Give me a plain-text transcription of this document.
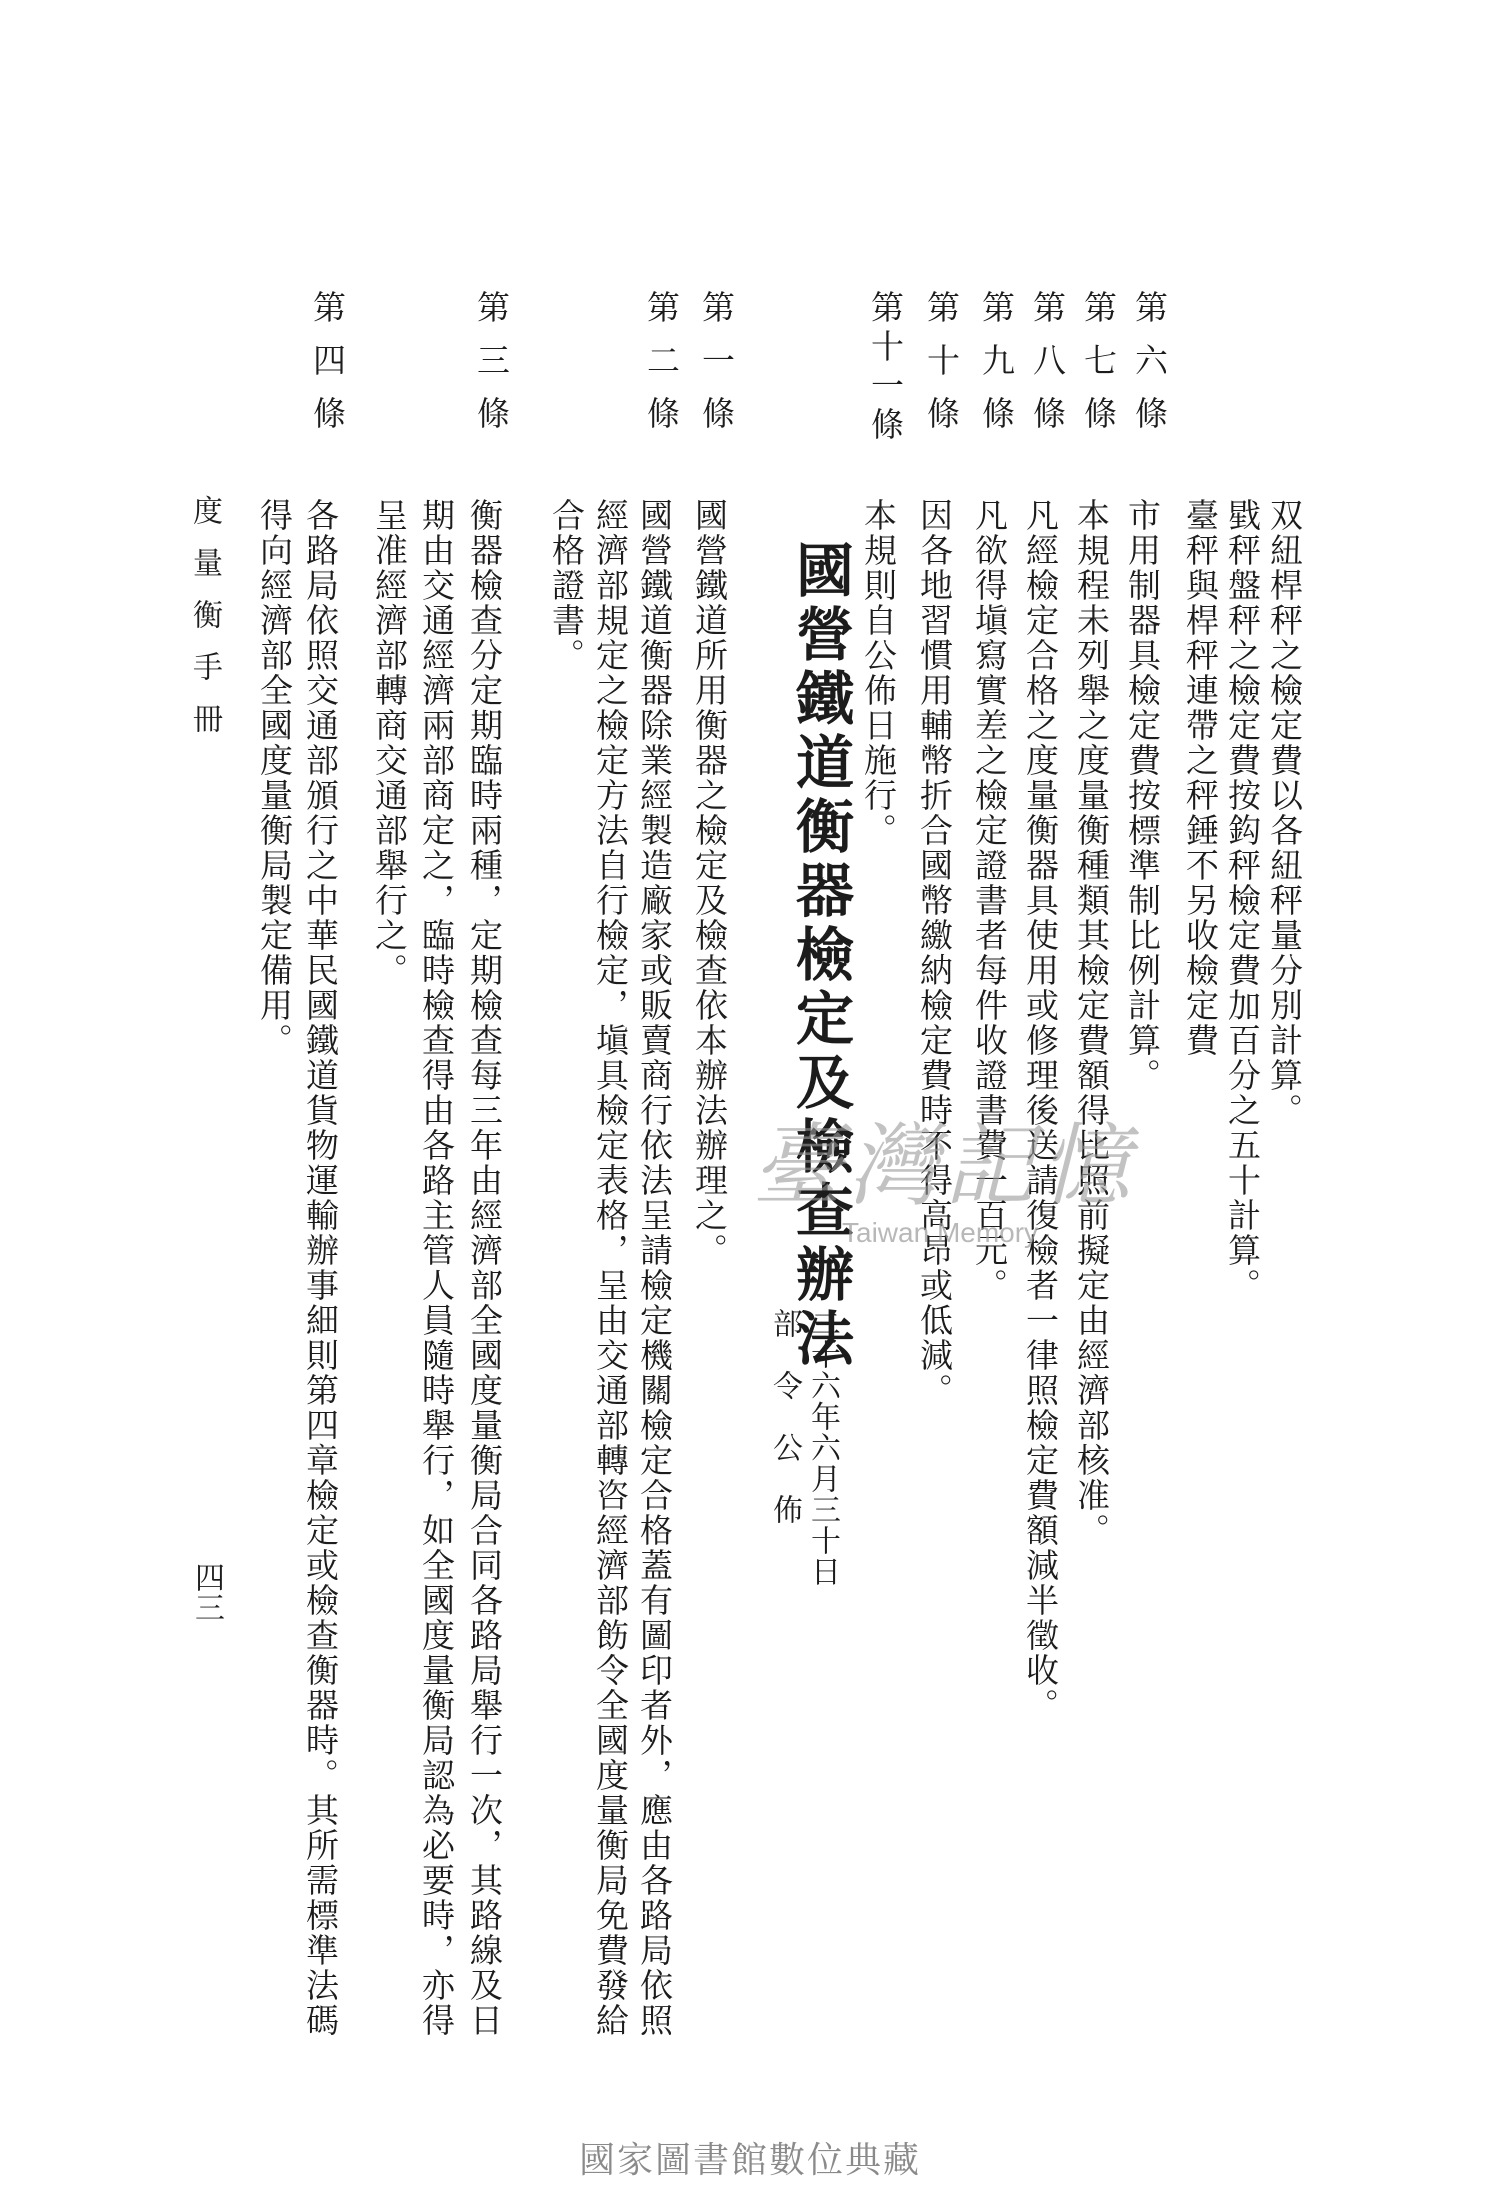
双紐桿秤之檢定費以各紐秤量分別計算。
戥秤盤秤之檢定費按鈎秤檢定費加百分之五十計算。
臺秤與桿秤連帶之秤錘不另收檢定費
第六條
市用制器具檢定費按標準制比例計算。
第七條
本規程未列舉之度量衡種類其檢定費額得比照前擬定由經濟部核准。
第八條
凡經檢定合格之度量衡器具使用或修理後送請復檢者一律照檢定費額減半徵收。
第九條
凡欲得塡寫實差之檢定證書者每件收證書費一百元。
第十條
因各地習慣用輔幣折合國幣繳納檢定費時不得高昂或低減。
第十一條
本規則自公佈日施行。
國營鐵道衡器檢定及檢查辦法
二十六年六月三十日
部　令　公　佈
第一條
國營鐵道所用衡器之檢定及檢查依本辦法辦理之。
第二條
國營鐵道衡器除業經製造廠家或販賣商行依法呈請檢定機關檢定合格蓋有圖印者外，應由各路局依照
經濟部規定之檢定方法自行檢定，塡具檢定表格，呈由交通部轉咨經濟部飭令全國度量衡局免費發給
合格證書。
第三條
衡器檢查分定期臨時兩種，定期檢查每三年由經濟部全國度量衡局合同各路局舉行一次，其路線及日
期由交通經濟兩部商定之，臨時檢查得由各路主管人員隨時舉行，如全國度量衡局認為必要時，亦得
呈准經濟部轉商交通部舉行之。
第四條
各路局依照交通部頒行之中華民國鐵道貨物運輸辦事細則第四章檢定或檢查衡器時。其所需標準法碼
得向經濟部全國度量衡局製定備用。
度量衡手冊
四三
臺灣記憶
Taiwan Memory
國家圖書館數位典藏
